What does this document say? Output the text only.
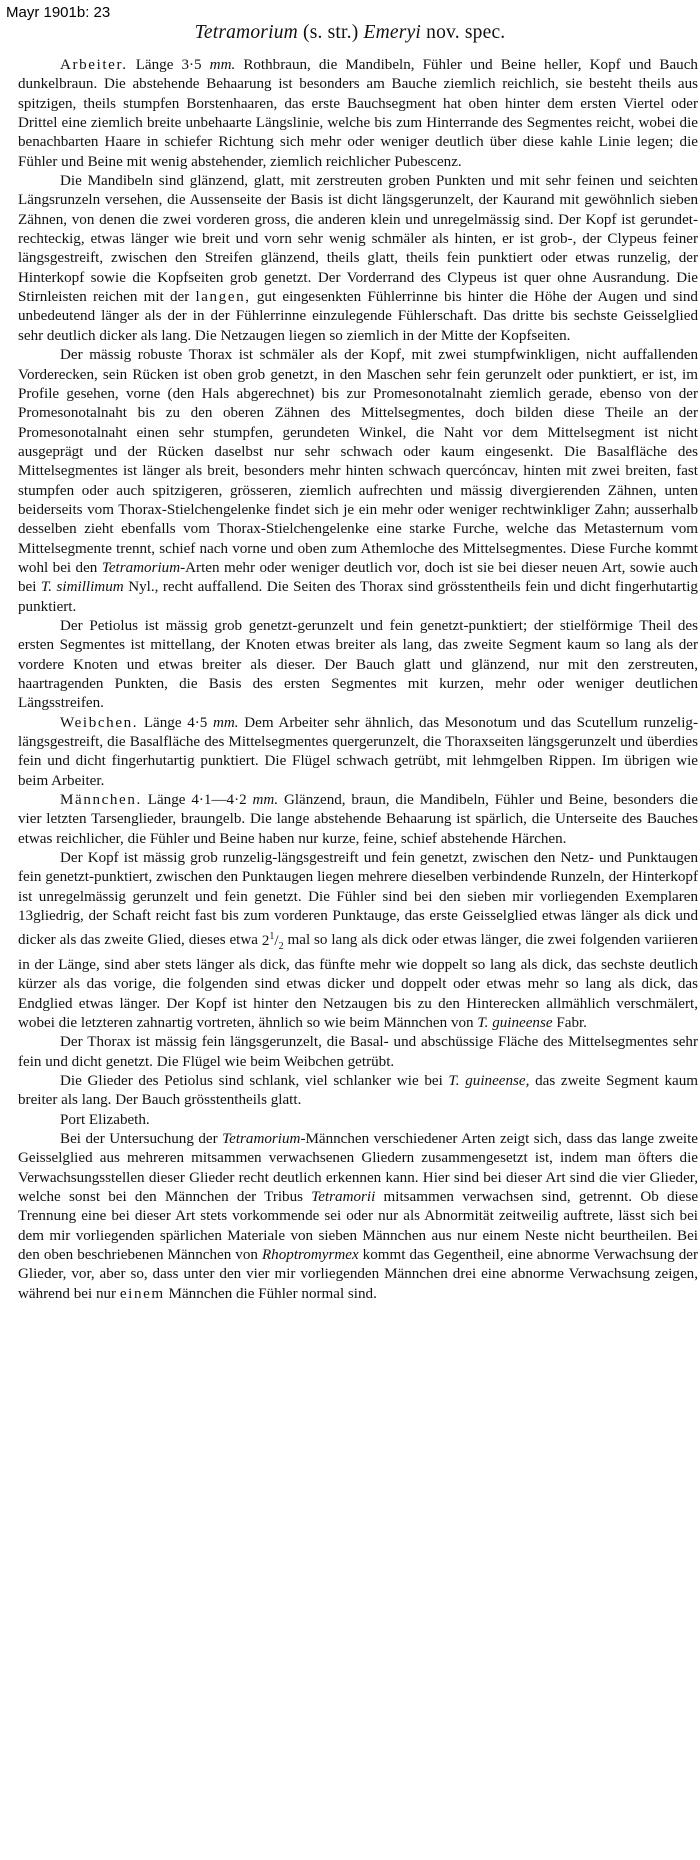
Mayr 1901b: 23
Tetramorium (s. str.) Emeryi nov. spec.

Arbeiter. Länge 3·5 mm. Rothbraun, die Mandibeln, Fühler und Beine heller, Kopf und Bauch dunkelbraun. Die abstehende Behaarung ist besonders am Bauche ziemlich reichlich, sie besteht theils aus spitzigen, theils stumpfen Borstenhaaren, das erste Bauchsegment hat oben hinter dem ersten Viertel oder Drittel eine ziemlich breite unbehaarte Längslinie, welche bis zum Hinterrande des Segmentes reicht, wobei die benachbarten Haare in schiefer Richtung sich mehr oder weniger deutlich über diese kahle Linie legen; die Fühler und Beine mit wenig abstehender, ziemlich reichlicher Pubescenz.

Die Mandibeln sind glänzend, glatt, mit zerstreuten groben Punkten und mit sehr feinen und seichten Längsrunzeln versehen, die Aussenseite der Basis ist dicht längsgerunzelt, der Kaurand mit gewöhnlich sieben Zähnen, von denen die zwei vorderen gross, die anderen klein und unregelmässig sind. Der Kopf ist gerundet-rechteckig, etwas länger wie breit und vorn sehr wenig schmäler als hinten, er ist grob-, der Clypeus feiner längsgestreift, zwischen den Streifen glänzend, theils glatt, theils fein punktiert oder etwas runzelig, der Hinterkopf sowie die Kopfseiten grob genetzt. Der Vorderrand des Clypeus ist quer ohne Ausrandung. Die Stirnleisten reichen mit der langen, gut eingesenkten Fühlerrinne bis hinter die Höhe der Augen und sind unbedeutend länger als der in der Fühlerrinne einzulegende Fühlerschaft. Das dritte bis sechste Geisselglied sehr deutlich dicker als lang. Die Netzaugen liegen so ziemlich in der Mitte der Kopfseiten.

Der mässig robuste Thorax ist schmäler als der Kopf, mit zwei stumpfwinkligen, nicht auffallenden Vorderecken, sein Rücken ist oben grob genetzt, in den Maschen sehr fein gerunzelt oder punktiert, er ist, im Profile gesehen, vorne (den Hals abgerechnet) bis zur Promesonotalnaht ziemlich gerade, ebenso von der Promesonotalnaht bis zu den oberen Zähnen des Mittelsegmentes, doch bilden diese Theile an der Promesonotalnaht einen sehr stumpfen, gerundeten Winkel, die Naht vor dem Mittelsegment ist nicht ausgeprägt und der Rücken daselbst nur sehr schwach oder kaum eingesenkt. Die Basalfläche des Mittelsegmentes ist länger als breit, besonders mehr hinten schwach quercóncav, hinten mit zwei breiten, fast stumpfen oder auch spitzigeren, grösseren, ziemlich aufrechten und mässig divergierenden Zähnen, unten beiderseits vom Thorax-Stielchengelenke findet sich je ein mehr oder weniger rechtwinkliger Zahn; ausserhalb desselben zieht ebenfalls vom Thorax-Stielchengelenke eine starke Furche, welche das Metasternum vom Mittelsegmente trennt, schief nach vorne und oben zum Athemloche des Mittelsegmentes. Diese Furche kommt wohl bei den Tetramorium-Arten mehr oder weniger deutlich vor, doch ist sie bei dieser neuen Art, sowie auch bei T. simillimum Nyl., recht auffallend. Die Seiten des Thorax sind grösstentheils fein und dicht fingerhutartig punktiert.

Der Petiolus ist mässig grob genetzt-gerunzelt und fein genetzt-punktiert; der stielförmige Theil des ersten Segmentes ist mittellang, der Knoten etwas breiter als lang, das zweite Segment kaum so lang als der vordere Knoten und etwas breiter als dieser. Der Bauch glatt und glänzend, nur mit den zerstreuten, haartragenden Punkten, die Basis des ersten Segmentes mit kurzen, mehr oder weniger deutlichen Längsstreifen.

Weibchen. Länge 4·5 mm. Dem Arbeiter sehr ähnlich, das Mesonotum und das Scutellum runzelig-längsgestreift, die Basalfläche des Mittelsegmentes quergerunzelt, die Thoraxseiten längsgerunzelt und überdies fein und dicht fingerhutartig punktiert. Die Flügel schwach getrübt, mit lehmgelben Rippen. Im übrigen wie beim Arbeiter.

Männchen. Länge 4·1—4·2 mm. Glänzend, braun, die Mandibeln, Fühler und Beine, besonders die vier letzten Tarsenglieder, braungelb. Die lange abstehende Behaarung ist spärlich, die Unterseite des Bauches etwas reichlicher, die Fühler und Beine haben nur kurze, feine, schief abstehende Härchen.

Der Kopf ist mässig grob runzelig-längsgestreift und fein genetzt, zwischen den Netz- und Punktaugen fein genetzt-punktiert, zwischen den Punktaugen liegen mehrere dieselben verbindende Runzeln, der Hinterkopf ist unregelmässig gerunzelt und fein genetzt. Die Fühler sind bei den sieben mir vorliegenden Exemplaren 13gliedrig, der Schaft reicht fast bis zum vorderen Punktauge, das erste Geisselglied etwas länger als dick und dicker als das zweite Glied, dieses etwa $2^1/_2$ mal so lang als dick oder etwas länger, die zwei folgenden variieren in der Länge, sind aber stets länger als dick, das fünfte mehr wie doppelt so lang als dick, das sechste deutlich kürzer als das vorige, die folgenden sind etwas dicker und doppelt oder etwas mehr so lang als dick, das Endglied etwas länger. Der Kopf ist hinter den Netzaugen bis zu den Hinterecken allmählich verschmälert, wobei die letzteren zahnartig vortreten, ähnlich so wie beim Männchen von T. guineense Fabr.

Der Thorax ist mässig fein längsgerunzelt, die Basal- und abschüssige Fläche des Mittelsegmentes sehr fein und dicht genetzt. Die Flügel wie beim Weibchen getrübt.

Die Glieder des Petiolus sind schlank, viel schlanker wie bei T. guineense, das zweite Segment kaum breiter als lang. Der Bauch grösstentheils glatt.

Port Elizabeth.

Bei der Untersuchung der Tetramorium-Männchen verschiedener Arten zeigt sich, dass das lange zweite Geisselglied aus mehreren mitsammen verwachsenen Gliedern zusammengesetzt ist, indem man öfters die Verwachsungsstellen dieser Glieder recht deutlich erkennen kann. Hier sind bei dieser Art sind die vier Glieder, welche sonst bei den Männchen der Tribus Tetramorii mitsammen verwachsen sind, getrennt. Ob diese Trennung eine bei dieser Art stets vorkommende sei oder nur als Abnormität zeitweilig auftrete, lässt sich bei dem mir vorliegenden spärlichen Materiale von sieben Männchen aus nur einem Neste nicht beurtheilen. Bei den oben beschriebenen Männchen von Rhoptromyrmex kommt das Gegentheil, eine abnorme Verwachsung der Glieder, vor, aber so, dass unter den vier mir vorliegenden Männchen drei eine abnorme Verwachsung zeigen, während bei nur einem Männchen die Fühler normal sind.
